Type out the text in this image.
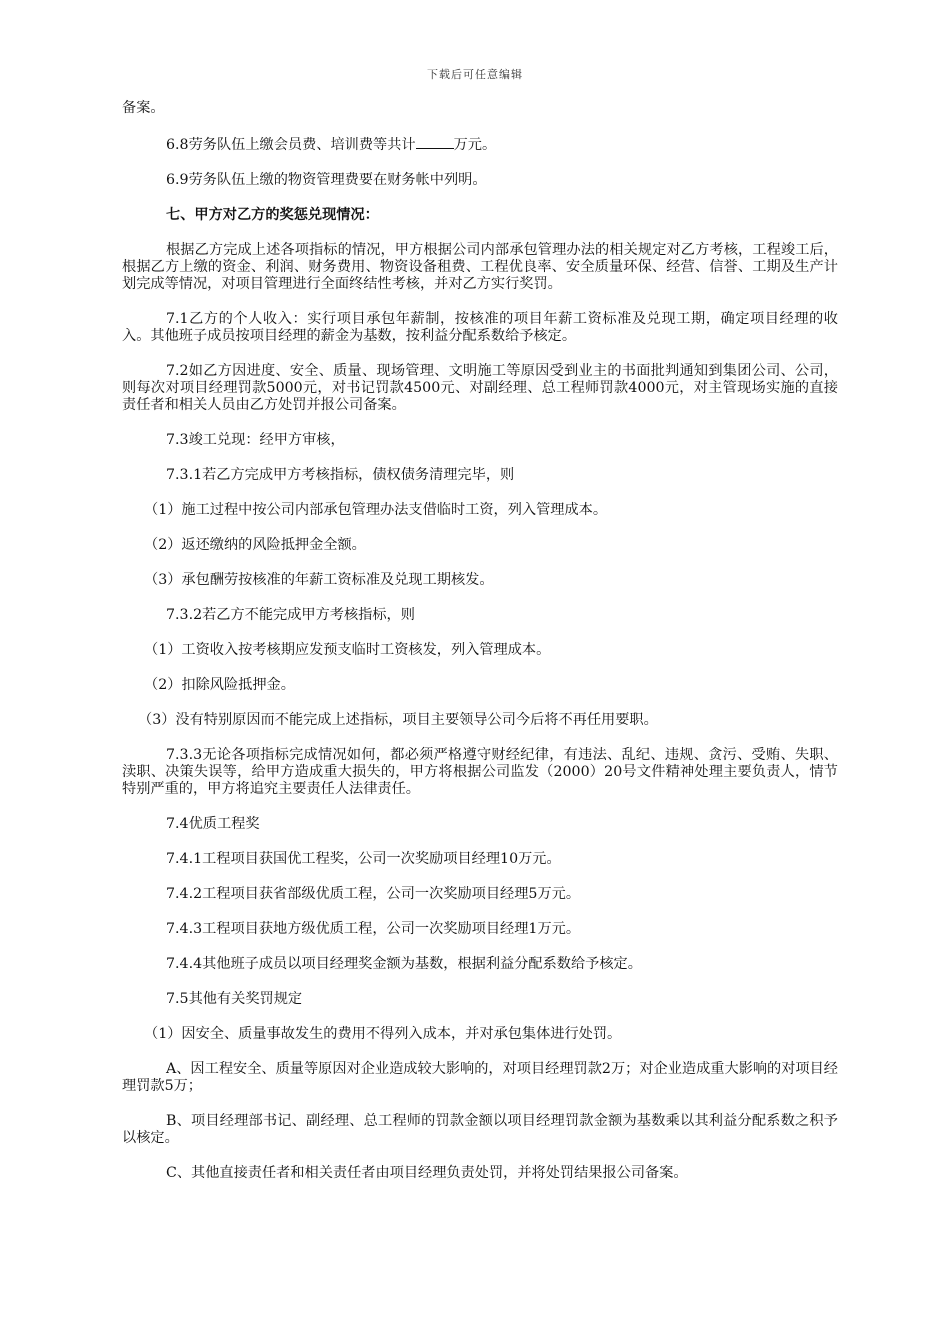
下载后可任意编辑

备案。

6.8劳务队伍上缴会员费、培训费等共计	万元。

6.9劳务队伍上缴的物资管理费要在财务帐中列明。

七、甲方对乙方的奖惩兑现情况：

根据乙方完成上述各项指标的情况，甲方根据公司内部承包管理办法的相关规定对乙方考核，工程竣工后，根据乙方上缴的资金、利润、财务费用、物资设备租费、工程优良率、安全质量环保、经营、信誉、工期及生产计划完成等情况，对项目管理进行全面终结性考核，并对乙方实行奖罚。

7.1乙方的个人收入：实行项目承包年薪制，按核准的项目年薪工资标准及兑现工期，确定项目经理的收入。其他班子成员按项目经理的薪金为基数，按利益分配系数给予核定。

7.2如乙方因进度、安全、质量、现场管理、文明施工等原因受到业主的书面批判通知到集团公司、公司，则每次对项目经理罚款5000元，对书记罚款4500元、对副经理、总工程师罚款4000元，对主管现场实施的直接责任者和相关人员由乙方处罚并报公司备案。

7.3竣工兑现：经甲方审核，

7.3.1若乙方完成甲方考核指标，债权债务清理完毕，则

（1）施工过程中按公司内部承包管理办法支借临时工资，列入管理成本。

（2）返还缴纳的风险抵押金全额。

（3）承包酬劳按核准的年薪工资标准及兑现工期核发。

7.3.2若乙方不能完成甲方考核指标，则

（1）工资收入按考核期应发预支临时工资核发，列入管理成本。

（2）扣除风险抵押金。

（3）没有特别原因而不能完成上述指标，项目主要领导公司今后将不再任用要职。

7.3.3无论各项指标完成情况如何，都必须严格遵守财经纪律，有违法、乱纪、违规、贪污、受贿、失职、渎职、决策失误等，给甲方造成重大损失的，甲方将根据公司监发（2000）20号文件精神处理主要负责人，情节特别严重的，甲方将追究主要责任人法律责任。

7.4优质工程奖

7.4.1工程项目获国优工程奖，公司一次奖励项目经理10万元。

7.4.2工程项目获省部级优质工程，公司一次奖励项目经理5万元。

7.4.3工程项目获地方级优质工程，公司一次奖励项目经理1万元。

7.4.4其他班子成员以项目经理奖金额为基数，根据利益分配系数给予核定。

7.5其他有关奖罚规定

（1）因安全、质量事故发生的费用不得列入成本，并对承包集体进行处罚。

A、因工程安全、质量等原因对企业造成较大影响的，对项目经理罚款2万；对企业造成重大影响的对项目经理罚款5万；

B、项目经理部书记、副经理、总工程师的罚款金额以项目经理罚款金额为基数乘以其利益分配系数之积予以核定。

C、其他直接责任者和相关责任者由项目经理负责处罚，并将处罚结果报公司备案。
